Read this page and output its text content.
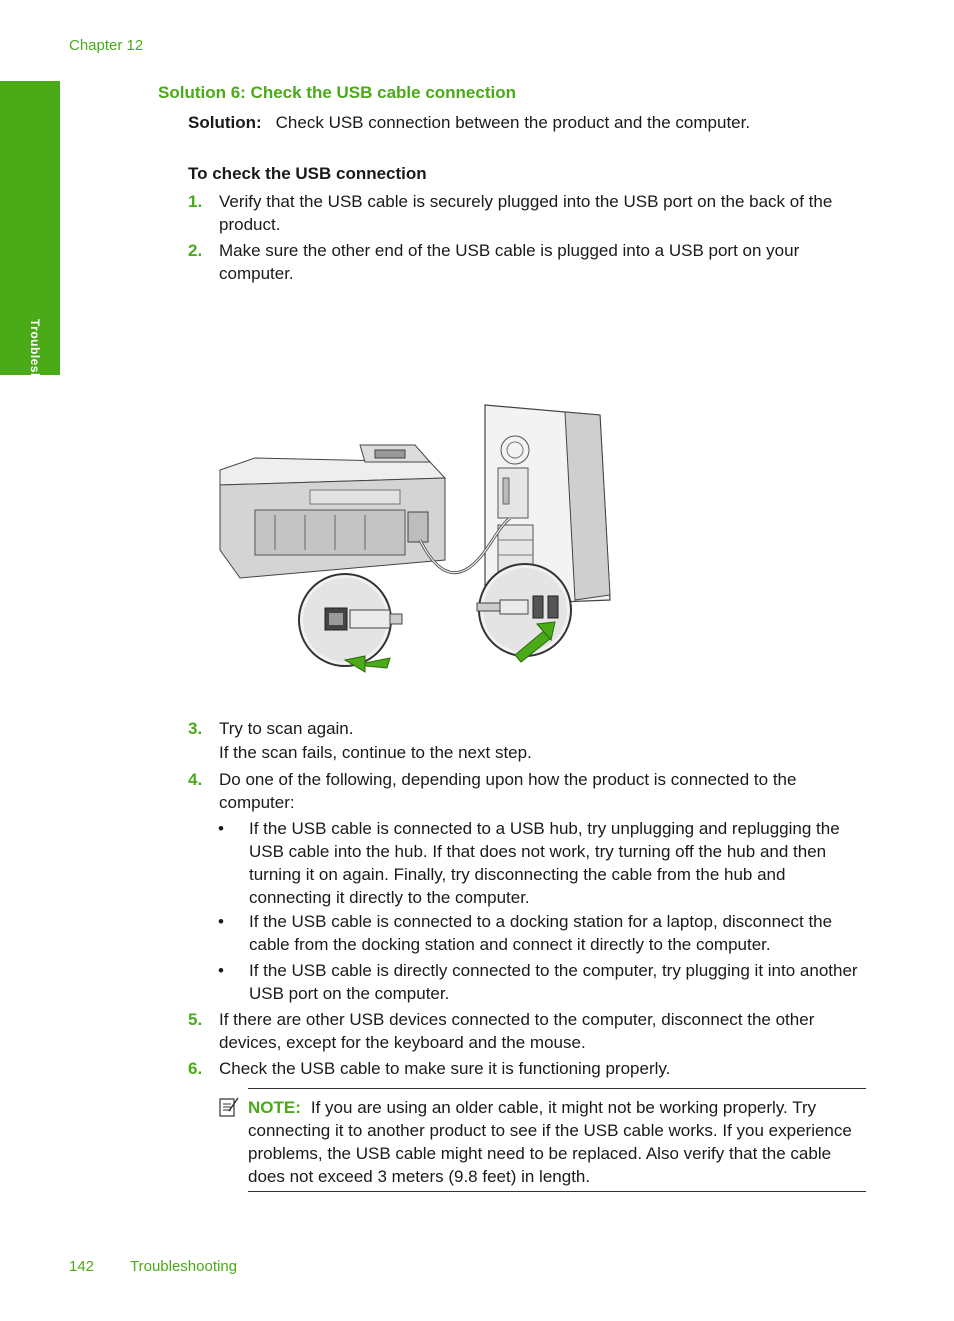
Chapter 12
Troubleshooting
Solution 6: Check the USB cable connection
Solution: Check USB connection between the product and the computer.
To check the USB connection
1. Verify that the USB cable is securely plugged into the USB port on the back of the product.
2. Make sure the other end of the USB cable is plugged into a USB port on your computer.
3. Try to scan again.
If the scan fails, continue to the next step.
4. Do one of the following, depending upon how the product is connected to the computer:
• If the USB cable is connected to a USB hub, try unplugging and replugging the USB cable into the hub. If that does not work, try turning off the hub and then turning it on again. Finally, try disconnecting the cable from the hub and connecting it directly to the computer.
• If the USB cable is connected to a docking station for a laptop, disconnect the cable from the docking station and connect it directly to the computer.
• If the USB cable is directly connected to the computer, try plugging it into another USB port on the computer.
5. If there are other USB devices connected to the computer, disconnect the other devices, except for the keyboard and the mouse.
6. Check the USB cable to make sure it is functioning properly.
NOTE: If you are using an older cable, it might not be working properly. Try connecting it to another product to see if the USB cable works. If you experience problems, the USB cable might need to be replaced. Also verify that the cable does not exceed 3 meters (9.8 feet) in length.
142 Troubleshooting
